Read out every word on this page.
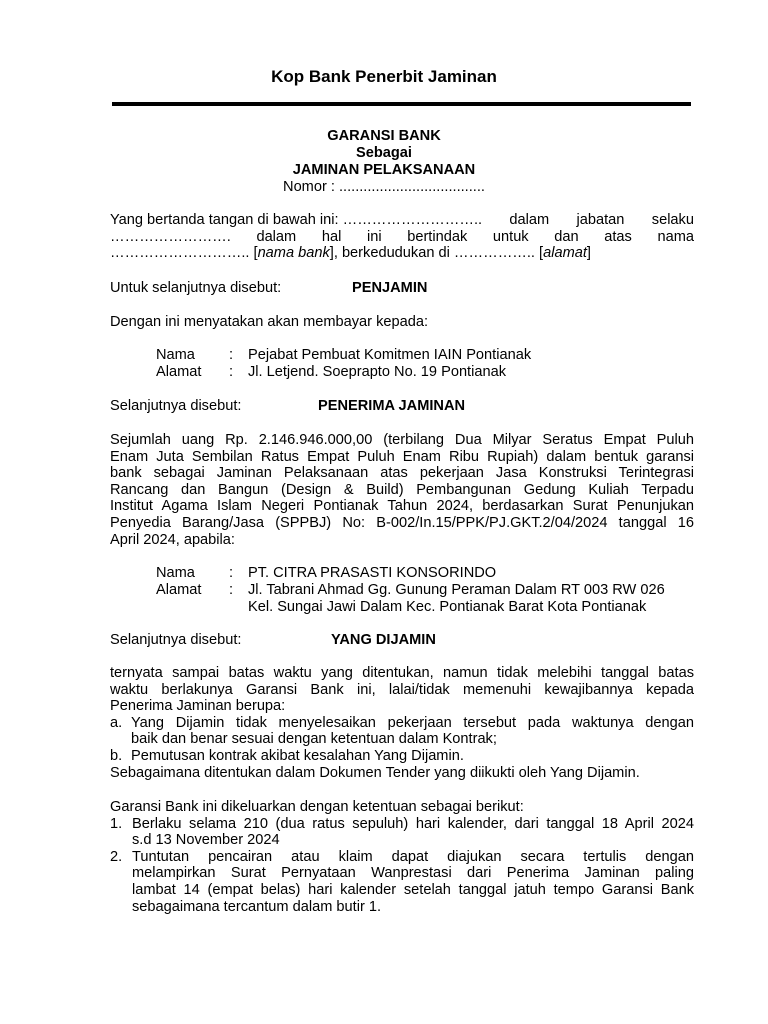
Kop Bank Penerbit Jaminan
GARANSI BANK
Sebagai
JAMINAN PELAKSANAAN
Nomor : ....................................
Yang bertanda tangan di bawah ini: ……………………….. dalam jabatan selaku
……………………. dalam hal ini bertindak untuk dan atas nama
……………………….. [nama bank], berkedudukan di …………….. [alamat]
Untuk selanjutnya disebut:	PENJAMIN
Dengan ini menyatakan akan membayar kepada:
Nama : Pejabat Pembuat Komitmen IAIN Pontianak
Alamat : Jl. Letjend. Soeprapto No. 19 Pontianak
Selanjutnya disebut:	PENERIMA JAMINAN
Sejumlah uang Rp. 2.146.946.000,00 (terbilang Dua Milyar Seratus Empat Puluh
Enam Juta Sembilan Ratus Empat Puluh Enam Ribu Rupiah) dalam bentuk garansi
bank sebagai Jaminan Pelaksanaan atas pekerjaan Jasa Konstruksi Terintegrasi
Rancang dan Bangun (Design & Build) Pembangunan Gedung Kuliah Terpadu
Institut Agama Islam Negeri Pontianak Tahun 2024, berdasarkan Surat Penunjukan
Penyedia Barang/Jasa (SPPBJ) No: B-002/In.15/PPK/PJ.GKT.2/04/2024 tanggal 16
April 2024, apabila:
Nama : PT. CITRA PRASASTI KONSORINDO
Alamat : Jl. Tabrani Ahmad Gg. Gunung Peraman Dalam RT 003 RW 026
Kel. Sungai Jawi Dalam Kec. Pontianak Barat Kota Pontianak
Selanjutnya disebut:	YANG DIJAMIN
ternyata sampai batas waktu yang ditentukan, namun tidak melebihi tanggal batas
waktu berlakunya Garansi Bank ini, lalai/tidak memenuhi kewajibannya kepada
Penerima Jaminan berupa:
a. Yang Dijamin tidak menyelesaikan pekerjaan tersebut pada waktunya dengan
baik dan benar sesuai dengan ketentuan dalam Kontrak;
b. Pemutusan kontrak akibat kesalahan Yang Dijamin.
Sebagaimana ditentukan dalam Dokumen Tender yang diikukti oleh Yang Dijamin.
Garansi Bank ini dikeluarkan dengan ketentuan sebagai berikut:
1. Berlaku selama 210 (dua ratus sepuluh) hari kalender, dari tanggal 18 April 2024
s.d 13 November 2024
2. Tuntutan pencairan atau klaim dapat diajukan secara tertulis dengan
melampirkan Surat Pernyataan Wanprestasi dari Penerima Jaminan paling
lambat 14 (empat belas) hari kalender setelah tanggal jatuh tempo Garansi Bank
sebagaimana tercantum dalam butir 1.
